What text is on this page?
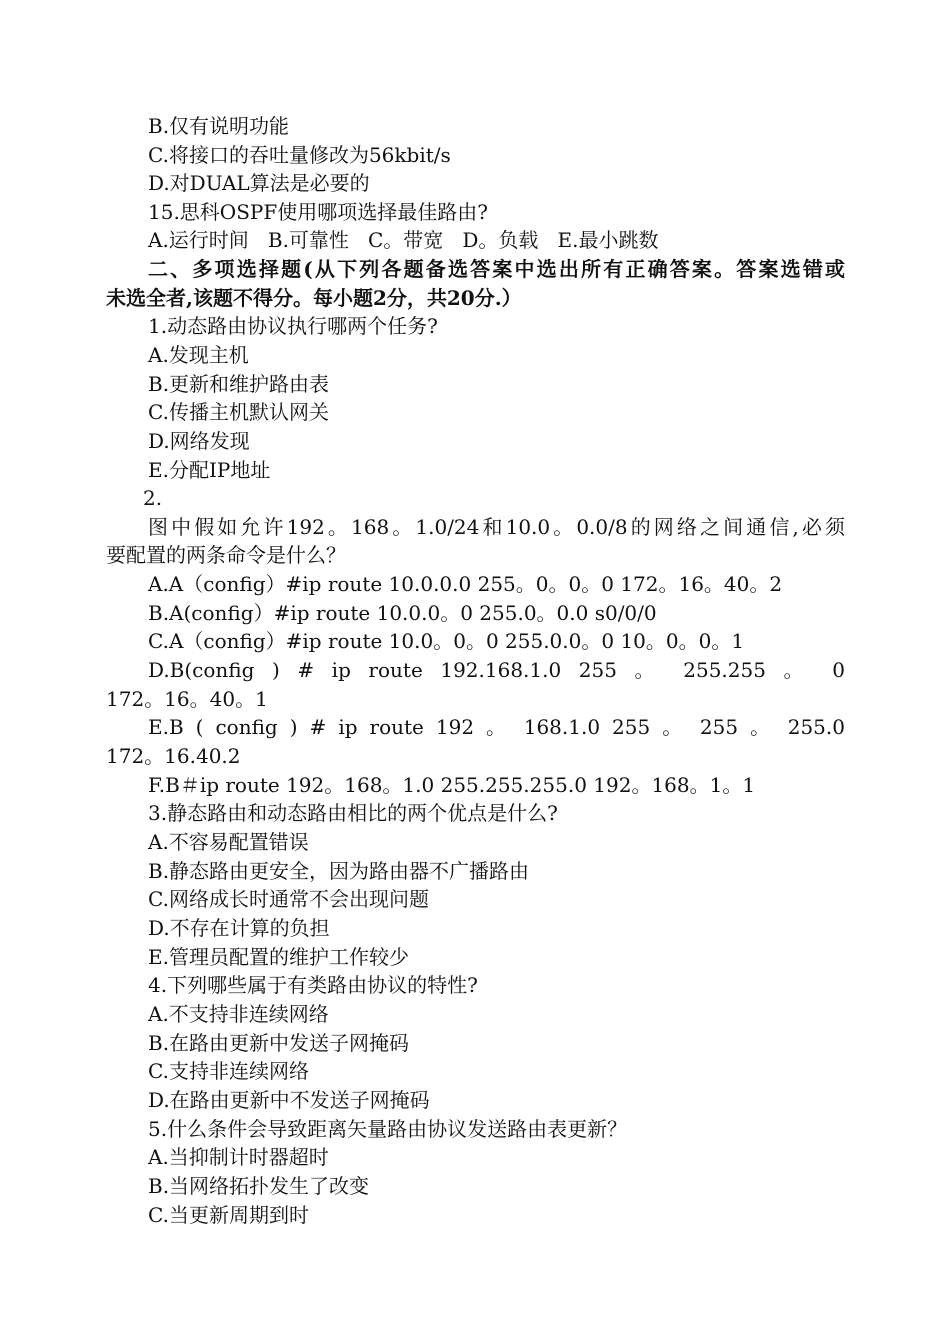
B.仅有说明功能

C.将接口的吞吐量修改为56kbit/s

D.对DUAL算法是必要的

15.思科OSPF使用哪项选择最佳路由?

A.运行时间   B.可靠性   C。带宽   D。负载   E.最小跳数

二、多项选择题(从下列各题备选答案中选出所有正确答案。答案选错或

未选全者,该题不得分。每小题2分，共20分.）

1.动态路由协议执行哪两个任务?

A.发现主机

B.更新和维护路由表

C.传播主机默认网关

D.网络发现

E.分配IP地址

2.

图中假如允许192。168。1.0/24和10.0。0.0/8的网络之间通信,必须

要配置的两条命令是什么？

A.A（config）#ip route 10.0.0.0 255。0。0。0 172。16。40。2

B.A(config）#ip route 10.0.0。0 255.0。0.0 s0/0/0

C.A（config）#ip route 10.0。0。0 255.0.0。0 10。0。0。1

D.B(config ) # ip route 192.168.1.0 255 。 255.255 。 0

172。16。40。1

E.B ( config ) # ip route 192 。 168.1.0 255 。 255 。 255.0

172。16.40.2

F.B＃ip route 192。168。1.0 255.255.255.0 192。168。1。1

3.静态路由和动态路由相比的两个优点是什么?

A.不容易配置错误

B.静态路由更安全，因为路由器不广播路由

C.网络成长时通常不会出现问题

D.不存在计算的负担

E.管理员配置的维护工作较少

4.下列哪些属于有类路由协议的特性?

A.不支持非连续网络

B.在路由更新中发送子网掩码

C.支持非连续网络

D.在路由更新中不发送子网掩码

5.什么条件会导致距离矢量路由协议发送路由表更新？

A.当抑制计时器超时

B.当网络拓扑发生了改变

C.当更新周期到时
